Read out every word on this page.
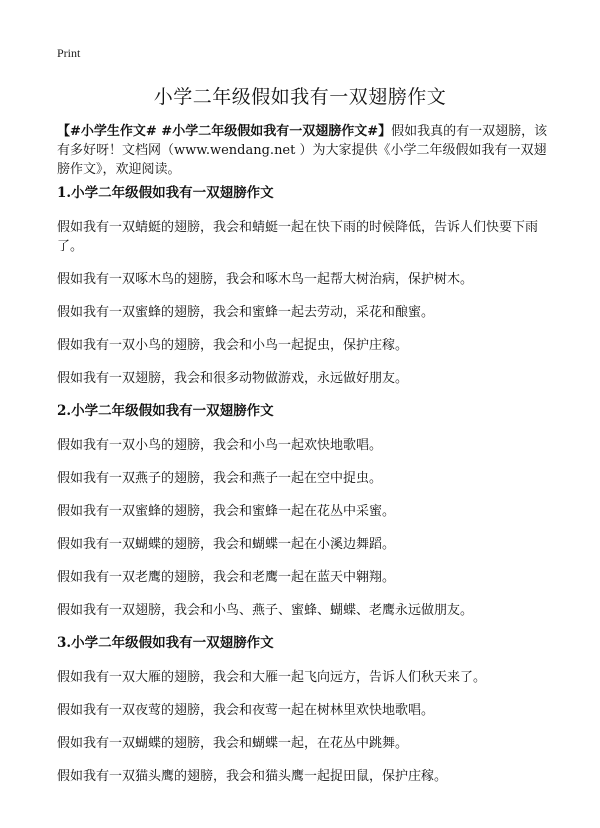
Print
小学二年级假如我有一双翅膀作文
【#小学生作文# #小学二年级假如我有一双翅膀作文#】假如我真的有一双翅膀，该有多好呀！文档网（www.wendang.net ）为大家提供《小学二年级假如我有一双翅膀作文》，欢迎阅读。
1.小学二年级假如我有一双翅膀作文

假如我有一双蜻蜓的翅膀，我会和蜻蜓一起在快下雨的时候降低，告诉人们快要下雨了。

假如我有一双啄木鸟的翅膀，我会和啄木鸟一起帮大树治病，保护树木。

假如我有一双蜜蜂的翅膀，我会和蜜蜂一起去劳动，采花和酿蜜。

假如我有一双小鸟的翅膀，我会和小鸟一起捉虫，保护庄稼。

假如我有一双翅膀，我会和很多动物做游戏，永远做好朋友。

2.小学二年级假如我有一双翅膀作文

假如我有一双小鸟的翅膀，我会和小鸟一起欢快地歌唱。

假如我有一双燕子的翅膀，我会和燕子一起在空中捉虫。

假如我有一双蜜蜂的翅膀，我会和蜜蜂一起在花丛中采蜜。

假如我有一双蝴蝶的翅膀，我会和蝴蝶一起在小溪边舞蹈。

假如我有一双老鹰的翅膀，我会和老鹰一起在蓝天中翱翔。

假如我有一双翅膀，我会和小鸟、燕子、蜜蜂、蝴蝶、老鹰永远做朋友。

3.小学二年级假如我有一双翅膀作文

假如我有一双大雁的翅膀，我会和大雁一起飞向远方，告诉人们秋天来了。

假如我有一双夜莺的翅膀，我会和夜莺一起在树林里欢快地歌唱。

假如我有一双蝴蝶的翅膀，我会和蝴蝶一起，在花丛中跳舞。

假如我有一双猫头鹰的翅膀，我会和猫头鹰一起捉田鼠，保护庄稼。
